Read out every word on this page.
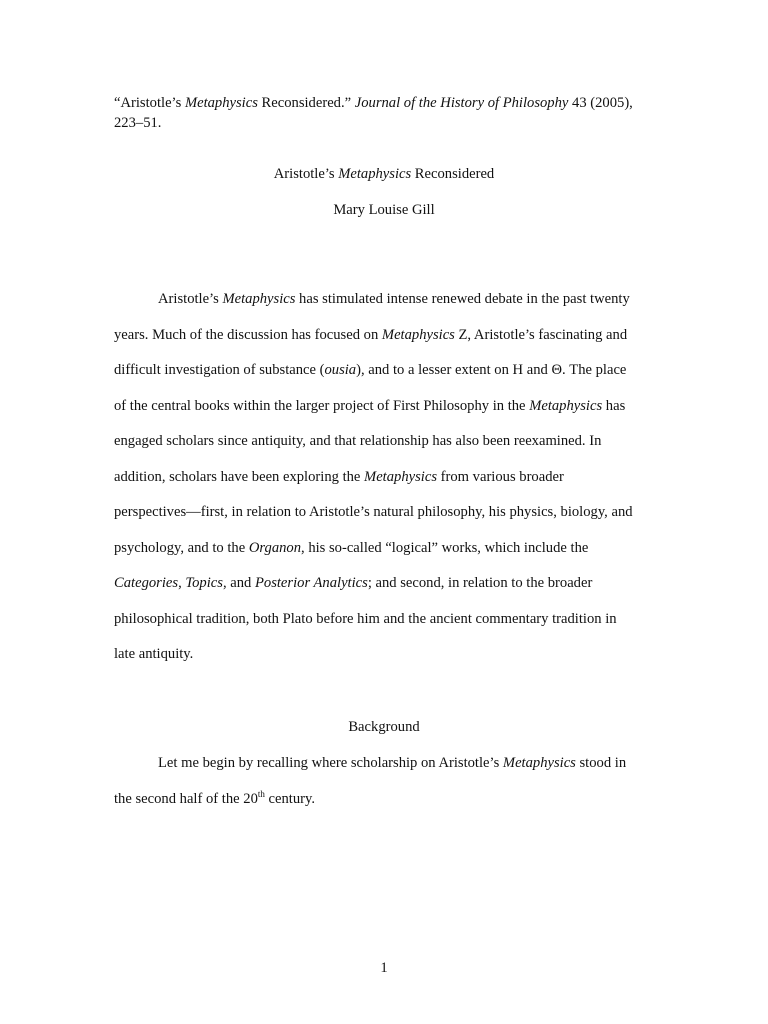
“Aristotle’s Metaphysics Reconsidered.” Journal of the History of Philosophy 43 (2005),
223–51.

Aristotle’s Metaphysics Reconsidered

Mary Louise Gill

Aristotle’s Metaphysics has stimulated intense renewed debate in the past twenty
years. Much of the discussion has focused on Metaphysics Z, Aristotle’s fascinating and
difficult investigation of substance (ousia), and to a lesser extent on H and Θ. The place
of the central books within the larger project of First Philosophy in the Metaphysics has
engaged scholars since antiquity, and that relationship has also been reexamined. In
addition, scholars have been exploring the Metaphysics from various broader
perspectives—first, in relation to Aristotle’s natural philosophy, his physics, biology, and
psychology, and to the Organon, his so-called “logical” works, which include the
Categories, Topics, and Posterior Analytics; and second, in relation to the broader
philosophical tradition, both Plato before him and the ancient commentary tradition in
late antiquity.

Background

Let me begin by recalling where scholarship on Aristotle’s Metaphysics stood in
the second half of the 20th century.
1
